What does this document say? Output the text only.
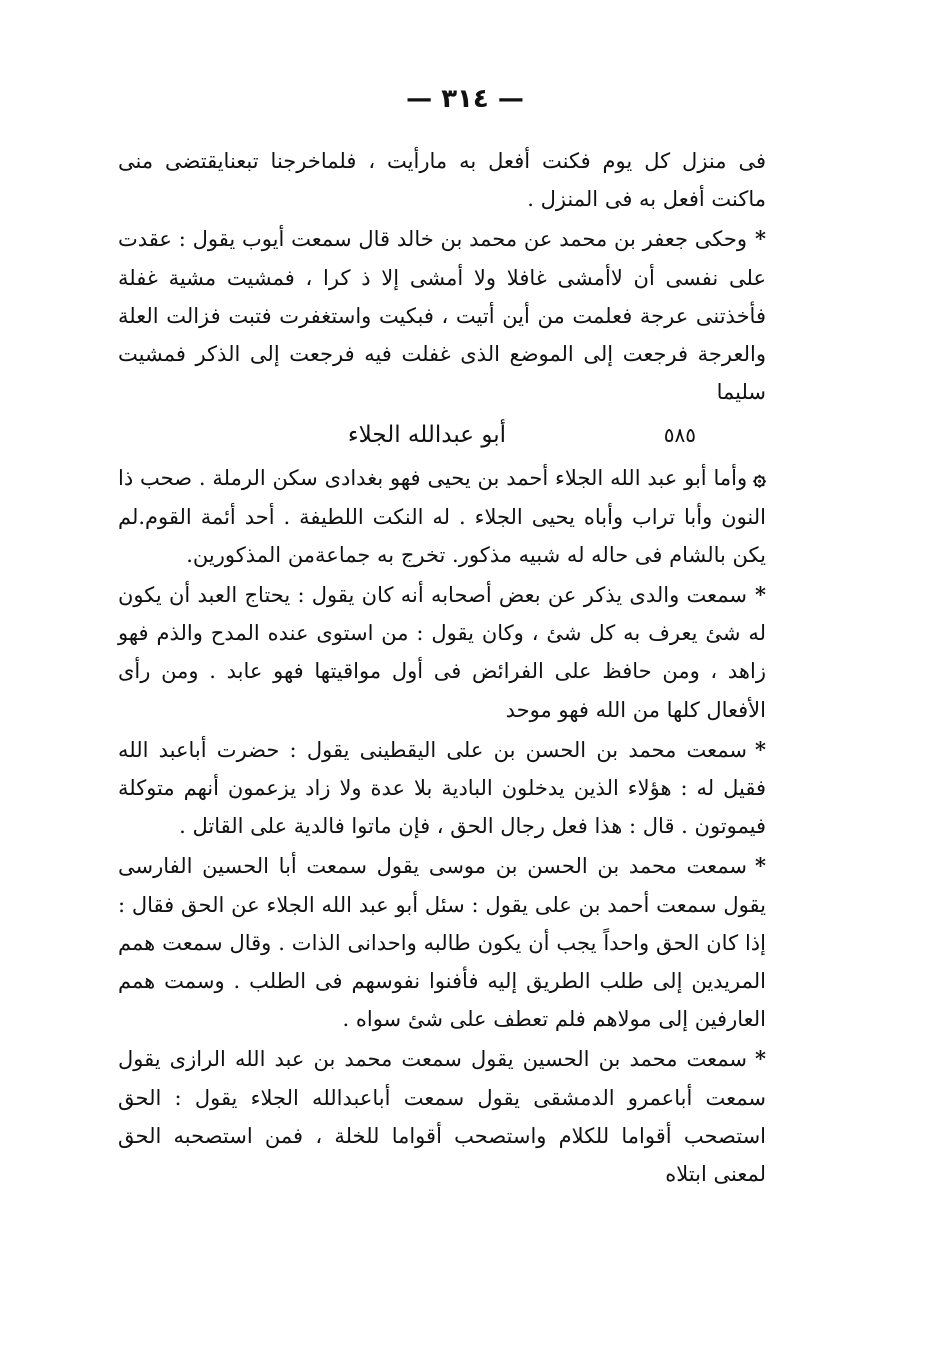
— ٣١٤ —

فى منزل كل يوم فكنت أفعل به مارأيت ، فلماخرجنا تبعنايقتضى منى ماكنت أفعل به فى المنزل .

*وحكى جعفر بن محمد عن محمد بن خالد قال سمعت أيوب يقول : عقدت على نفسى أن لاأمشى غافلا ولا أمشى إلا ذ كرا ، فمشيت مشية غفلة فأخذتنى عرجة فعلمت من أين أتيت ، فبكيت واستغفرت فتبت فزالت العلة والعرجة فرجعت إلى الموضع الذى غفلت فيه فرجعت إلى الذكر فمشيت سليما

٥٨٥
أبو عبدالله الجلاء

۞وأما أبو عبد الله الجلاء أحمد بن يحيى فهو بغدادى سكن الرملة . صحب ذا النون وأبا تراب وأباه يحيى الجلاء . له النكت اللطيفة . أحد أئمة القوم.لم يكن بالشام فى حاله له شبيه مذكور. تخرج به جماعةمن المذكورين.

*سمعت والدى يذكر عن بعض أصحابه أنه كان يقول : يحتاج العبد أن يكون له شئ يعرف به كل شئ ، وكان يقول : من استوى عنده المدح والذم فهو زاهد ، ومن حافظ على الفرائض فى أول مواقيتها فهو عابد . ومن رأى الأفعال كلها من الله فهو موحد

*سمعت محمد بن الحسن بن على اليقطينى يقول : حضرت أباعبد الله فقيل له : هؤلاء الذين يدخلون البادية بلا عدة ولا زاد يزعمون أنهم متوكلة فيموتون . قال : هذا فعل رجال الحق ، فإن ماتوا فالدية على القاتل .

*سمعت محمد بن الحسن بن موسى يقول سمعت أبا الحسين الفارسى يقول سمعت أحمد بن على يقول : سئل أبو عبد الله الجلاء عن الحق فقال : إذا كان الحق واحداً يجب أن يكون طالبه واحدانى الذات . وقال سمعت همم المريدين إلى طلب الطريق إليه فأفنوا نفوسهم فى الطلب . وسمت همم العارفين إلى مولاهم فلم تعطف على شئ سواه .

*سمعت محمد بن الحسين يقول سمعت محمد بن عبد الله الرازى يقول سمعت أباعمرو الدمشقى يقول سمعت أباعبدالله الجلاء يقول : الحق استصحب أقواما للكلام واستصحب أقواما للخلة ، فمن استصحبه الحق لمعنى ابتلاه
